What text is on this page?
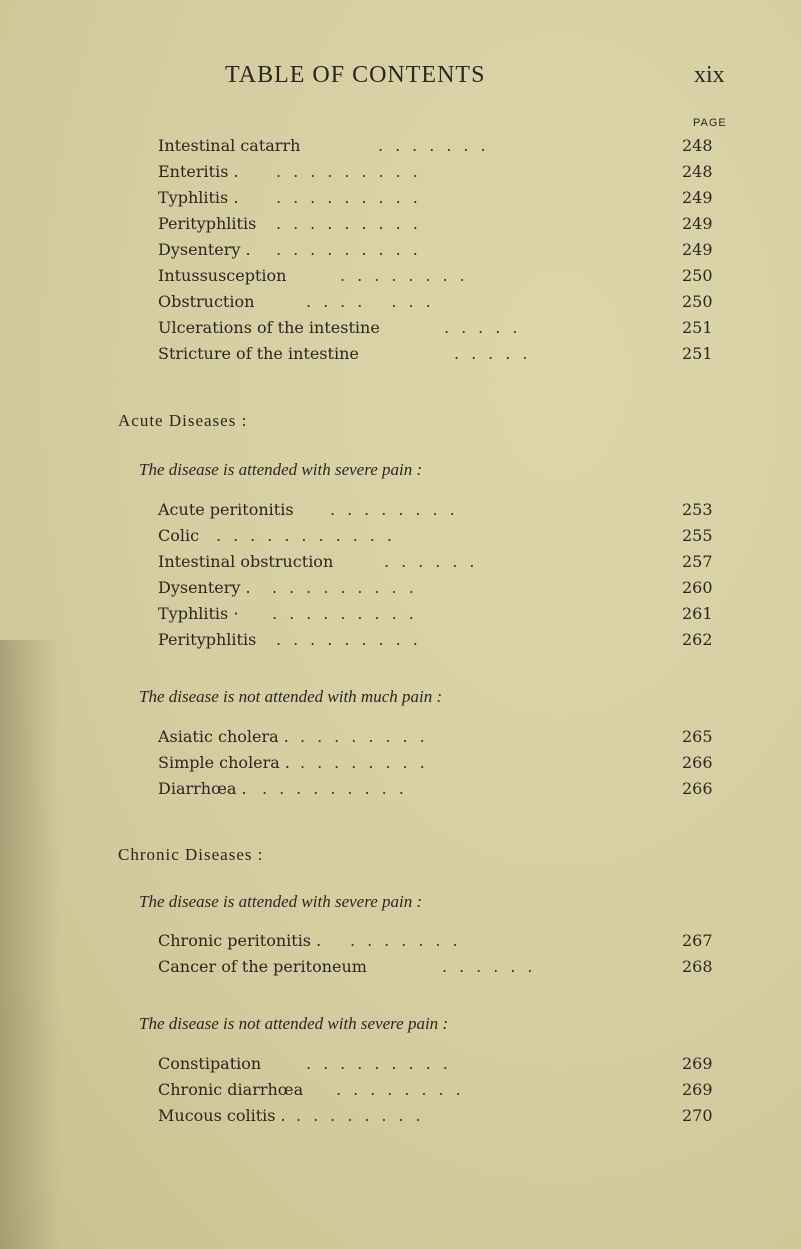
TABLE OF CONTENTS	xix
PAGE
Intestinal catarrh	.......	248
Enteritis . .........	248
Typhlitis . .........	249
Perityphlitis .........	249
Dysentery . .........	249
Intussusception	........	250
Obstruction	.... ...	250
Ulcerations of the intestine	.....	251
Stricture of the intestine	.....	251
Acute Diseases :
The disease is attended with severe pain :
Acute peritonitis ........	253
Colic ...........	255
Intestinal obstruction	......	257
Dysentery . .........	260
Typhlitis · .........	261
Perityphlitis .........	262
The disease is not attended with much pain :
Asiatic cholera . ........	265
Simple cholera . ........	266
Diarrhœa . .........	266
Chronic Diseases :
The disease is attended with severe pain :
Chronic peritonitis . .......	267
Cancer of the peritoneum	......	268
The disease is not attended with severe pain :
Constipation	.........	269
Chronic diarrhœa ........	269
Mucous colitis . ........	270
